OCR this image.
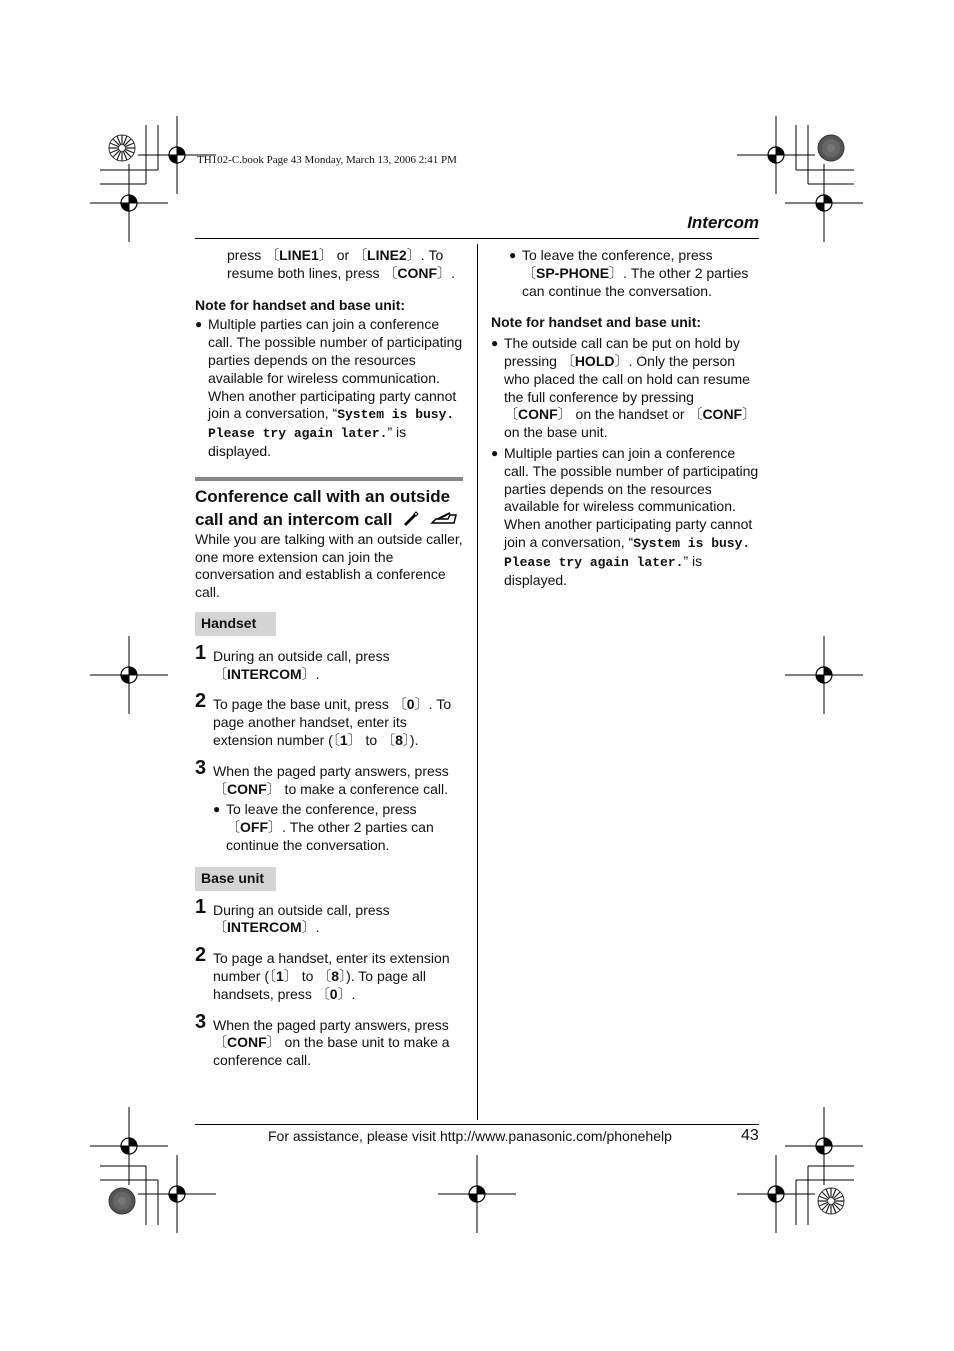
TH102-C.book Page 43 Monday, March 13, 2006 2:41 PM
Intercom

press 〔LINE1〕 or 〔LINE2〕. To resume both lines, press 〔CONF〕.

Note for handset and base unit:

● Multiple parties can join a conference call. The possible number of participating parties depends on the resources available for wireless communication. When another participating party cannot join a conversation, “System is busy. Please try again later.” is displayed.

Conference call with an outside call and an intercom call

While you are talking with an outside caller, one more extension can join the conversation and establish a conference call.

Handset
1 During an outside call, press 〔INTERCOM〕.
2 To page the base unit, press 〔0〕. To page another handset, enter its extension number (〔1〕 to 〔8〕).
3 When the paged party answers, press 〔CONF〕 to make a conference call.

● To leave the conference, press 〔OFF〕. The other 2 parties can continue the conversation.

Base unit
1 During an outside call, press 〔INTERCOM〕.
2 To page a handset, enter its extension number (〔1〕 to 〔8〕). To page all handsets, press 〔0〕.
3 When the paged party answers, press 〔CONF〕 on the base unit to make a conference call.

● To leave the conference, press 〔SP-PHONE〕. The other 2 parties can continue the conversation.

Note for handset and base unit:

● The outside call can be put on hold by pressing 〔HOLD〕. Only the person who placed the call on hold can resume the full conference by pressing 〔CONF〕 on the handset or 〔CONF〕 on the base unit.

● Multiple parties can join a conference call. The possible number of participating parties depends on the resources available for wireless communication. When another participating party cannot join a conversation, “System is busy. Please try again later.” is displayed.

For assistance, please visit http://www.panasonic.com/phonehelp	43
